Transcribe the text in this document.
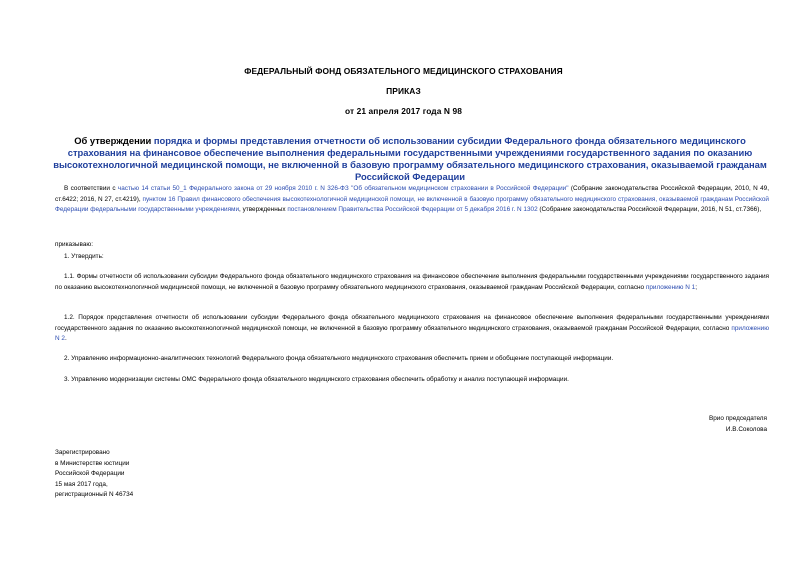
ФЕДЕРАЛЬНЫЙ ФОНД ОБЯЗАТЕЛЬНОГО МЕДИЦИНСКОГО СТРАХОВАНИЯ
ПРИКАЗ
от 21 апреля 2017 года N 98
Об утверждении порядка и формы представления отчетности об использовании субсидии Федерального фонда обязательного медицинского страхования на финансовое обеспечение выполнения федеральными государственными учреждениями государственного задания по оказанию высокотехнологичной медицинской помощи, не включенной в базовую программу обязательного медицинского страхования, оказываемой гражданам Российской Федерации
В соответствии с частью 14 статьи 50_1 Федерального закона от 29 ноября 2010 г. N 326-ФЗ "Об обязательном медицинском страховании в Российской Федерации" (Собрание законодательства Российской Федерации, 2010, N 49, ст.6422; 2016, N 27, ст.4219), пунктом 16 Правил финансового обеспечения высокотехнологичной медицинской помощи, не включенной в базовую программу обязательного медицинского страхования, оказываемой гражданам Российской Федерации федеральными государственными учреждениями, утвержденных постановлением Правительства Российской Федерации от 5 декабря 2016 г. N 1302 (Собрание законодательства Российской Федерации, 2016, N 51, ст.7366),
приказываю:
1. Утвердить:
1.1. Формы отчетности об использовании субсидии Федерального фонда обязательного медицинского страхования на финансовое обеспечение выполнения федеральными государственными учреждениями государственного задания по оказанию высокотехнологичной медицинской помощи, не включенной в базовую программу обязательного медицинского страхования, оказываемой гражданам Российской Федерации, согласно приложению N 1;
1.2. Порядок представления отчетности об использовании субсидии Федерального фонда обязательного медицинского страхования на финансовое обеспечение выполнения федеральными государственными учреждениями государственного задания по оказанию высокотехнологичной медицинской помощи, не включенной в базовую программу обязательного медицинского страхования, оказываемой гражданам Российской Федерации, согласно приложению N 2.
2. Управлению информационно-аналитических технологий Федерального фонда обязательного медицинского страхования обеспечить прием и обобщение поступающей информации.
3. Управлению модернизации системы ОМС Федерального фонда обязательного медицинского страхования обеспечить обработку и анализ поступающей информации.
Врио председателя
И.В.Соколова
Зарегистрировано
в Министерстве юстиции
Российской Федерации
15 мая 2017 года,
регистрационный N 46734
